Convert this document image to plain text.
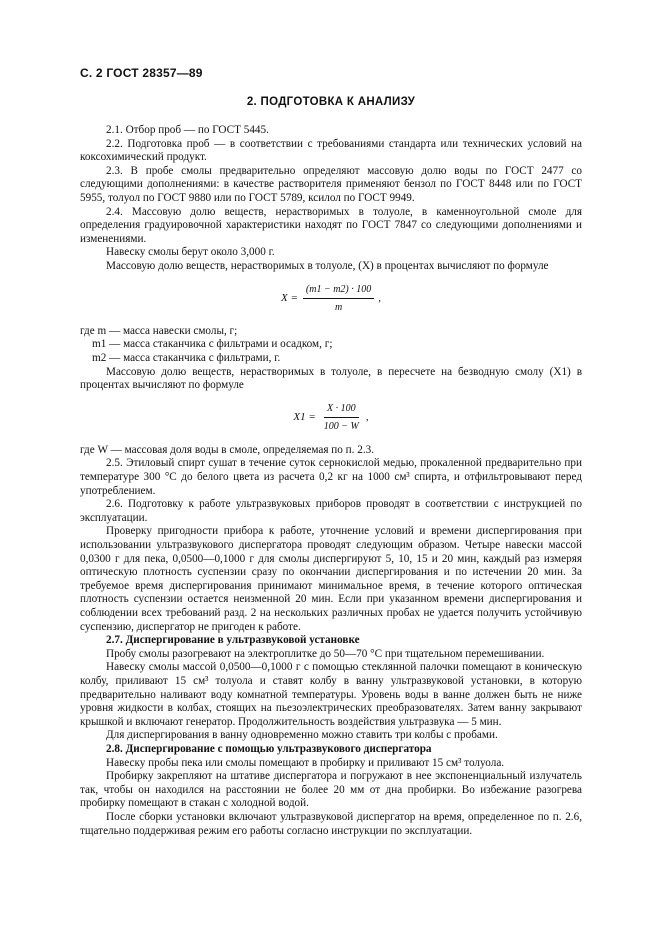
С. 2 ГОСТ 28357—89
2. ПОДГОТОВКА К АНАЛИЗУ

2.1. Отбор проб — по ГОСТ 5445.

2.2. Подготовка проб — в соответствии с требованиями стандарта или технических условий на коксохимический продукт.

2.3. В пробе смолы предварительно определяют массовую долю воды по ГОСТ 2477 со следующими дополнениями: в качестве растворителя применяют бензол по ГОСТ 8448 или по ГОСТ 5955, толуол по ГОСТ 9880 или по ГОСТ 5789, ксилол по ГОСТ 9949.

2.4. Массовую долю веществ, нерастворимых в толуоле, в каменноугольной смоле для определения градуировочной характеристики находят по ГОСТ 7847 со следующими дополнениями и изменениями.

Навеску смолы берут около 3,000 г.

Массовую долю веществ, нерастворимых в толуоле, (X) в процентах вычисляют по формуле

$X = \frac{(m1 - m2) \cdot 100}{m}$ ,

где m — масса навески смолы, г;

m1 — масса стаканчика с фильтрами и осадком, г;

m2 — масса стаканчика с фильтрами, г.

Массовую долю веществ, нерастворимых в толуоле, в пересчете на безводную смолу (X1) в процентах вычисляют по формуле

$X1 = \frac{X \cdot 100}{100 - W}$ ,

где W — массовая доля воды в смоле, определяемая по п. 2.3.

2.5. Этиловый спирт сушат в течение суток сернокислой медью, прокаленной предварительно при температуре 300 °С до белого цвета из расчета 0,2 кг на 1000 см³ спирта, и отфильтровывают перед употреблением.

2.6. Подготовку к работе ультразвуковых приборов проводят в соответствии с инструкцией по эксплуатации.

Проверку пригодности прибора к работе, уточнение условий и времени диспергирования при использовании ультразвукового диспергатора проводят следующим образом. Четыре навески массой 0,0300 г для пека, 0,0500—0,1000 г для смолы диспергируют 5, 10, 15 и 20 мин, каждый раз измеряя оптическую плотность суспензии сразу по окончании диспергирования и по истечении 20 мин. За требуемое время диспергирования принимают минимальное время, в течение которого оптическая плотность суспензии остается неизменной 20 мин. Если при указанном времени диспергирования и соблюдении всех требований разд. 2 на нескольких различных пробах не удается получить устойчивую суспензию, диспергатор не пригоден к работе.

2.7. Диспергирование в ультразвуковой установке

Пробу смолы разогревают на электроплитке до 50—70 °С при тщательном перемешивании.

Навеску смолы массой 0,0500—0,1000 г с помощью стеклянной палочки помещают в коническую колбу, приливают 15 см³ толуола и ставят колбу в ванну ультразвуковой установки, в которую предварительно наливают воду комнатной температуры. Уровень воды в ванне должен быть не ниже уровня жидкости в колбах, стоящих на пьезоэлектрических преобразователях. Затем ванну закрывают крышкой и включают генератор. Продолжительность воздействия ультразвука — 5 мин.

Для диспергирования в ванну одновременно можно ставить три колбы с пробами.

2.8. Диспергирование с помощью ультразвукового диспергатора

Навеску пробы пека или смолы помещают в пробирку и приливают 15 см³ толуола.

Пробирку закрепляют на штативе диспергатора и погружают в нее экспоненциальный излучатель так, чтобы он находился на расстоянии не более 20 мм от дна пробирки. Во избежание разогрева пробирку помещают в стакан с холодной водой.

После сборки установки включают ультразвуковой диспергатор на время, определенное по п. 2.6, тщательно поддерживая режим его работы согласно инструкции по эксплуатации.
